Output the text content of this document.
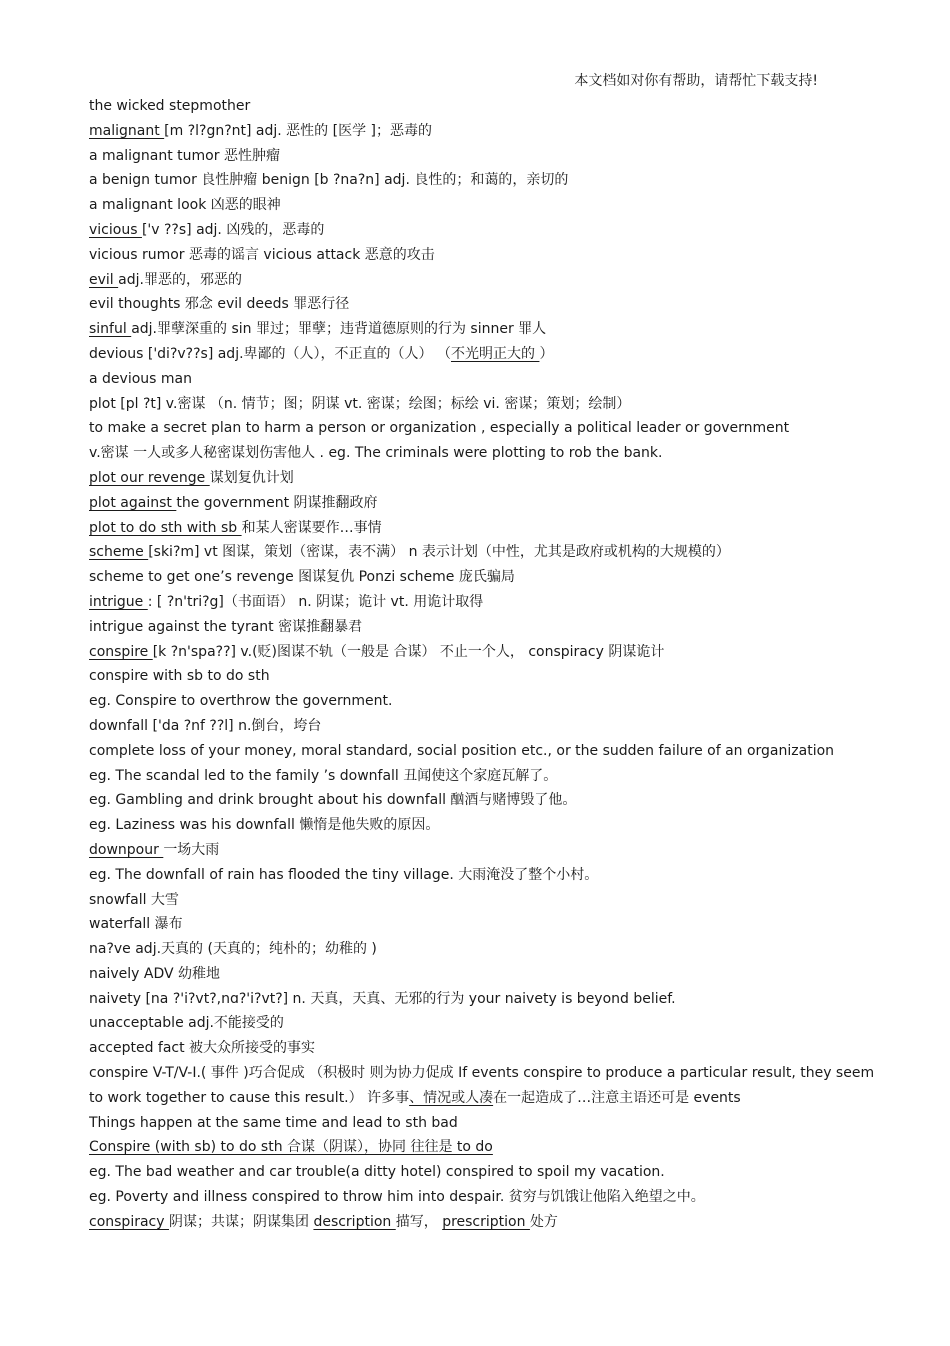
本文档如对你有帮助，请帮忙下载支持!
the wicked stepmother
malignant [m ?l?gn?nt] adj. 恶性的 [医学 ]；恶毒的
a malignant tumor 恶性肿瘤
a benign tumor 良性肿瘤 benign [b ?na?n] adj. 良性的；和蔼的，亲切的
a malignant look 凶恶的眼神
vicious ['v ??s] adj. 凶残的，恶毒的
vicious rumor 恶毒的谣言 vicious attack 恶意的攻击
evil adj.罪恶的，邪恶的
evil thoughts 邪念 evil deeds 罪恶行径
sinful adj.罪孽深重的 sin 罪过；罪孽；违背道德原则的行为 sinner 罪人
devious ['di?v??s] adj.卑鄙的（人），不正直的（人） （不光明正大的 ）
a devious man
plot [pl ?t] v.密谋 （n. 情节；图；阴谋 vt. 密谋；绘图；标绘 vi. 密谋；策划；绘制）
to make a secret plan to harm a person or organization , especially a political leader or government
v.密谋 一人或多人秘密谋划伤害他人 . eg. The criminals were plotting to rob the bank.
plot our revenge 谋划复仇计划
plot against the government 阴谋推翻政府
plot to do sth with sb 和某人密谋要作…事情
scheme [ski?m] vt 图谋，策划（密谋，表不满） n 表示计划（中性，尤其是政府或机构的大规模的）
scheme to get one’s revenge 图谋复仇 Ponzi scheme 庞氏骗局
intrigue : [ ?n'tri?g]（书面语） n. 阴谋；诡计 vt. 用诡计取得
intrigue against the tyrant 密谋推翻暴君
conspire [k ?n'spa??] v.(贬)图谋不轨（一般是 合谋） 不止一个人， conspiracy 阴谋诡计
conspire with sb to do sth
eg. Conspire to overthrow the government.
downfall ['da ?nf ??l] n.倒台，垮台
complete loss of your money, moral standard, social position etc., or the sudden failure of an organization
eg. The scandal led to the family ’s downfall 丑闻使这个家庭瓦解了。
eg. Gambling and drink brought about his downfall 酗酒与赌博毁了他。
eg. Laziness was his downfall 懒惰是他失败的原因。
downpour 一场大雨
eg. The downfall of rain has flooded the tiny village. 大雨淹没了整个小村。
snowfall 大雪
waterfall 瀑布
na?ve adj.天真的 (天真的；纯朴的；幼稚的 )
naively ADV 幼稚地
naivety [na ?'i?vt?,nɑ?'i?vt?] n. 天真，天真、无邪的行为 your naivety is beyond belief.
unacceptable adj.不能接受的
accepted fact 被大众所接受的事实
conspire V-T/V-I.( 事件 )巧合促成 （积极时 则为协力促成 If events conspire to produce a particular result, they seem to work together to cause this result.） 许多事、情况或人凑在一起造成了…注意主语还可是 events
Things happen at the same time and lead to sth bad
Conspire (with sb) to do sth 合谋（阴谋），协同 往往是 to do
eg. The bad weather and car trouble(a ditty hotel) conspired to spoil my vacation.
eg. Poverty and illness conspired to throw him into despair. 贫穷与饥饿让他陷入绝望之中。
conspiracy 阴谋；共谋；阴谋集团 description 描写， prescription 处方
